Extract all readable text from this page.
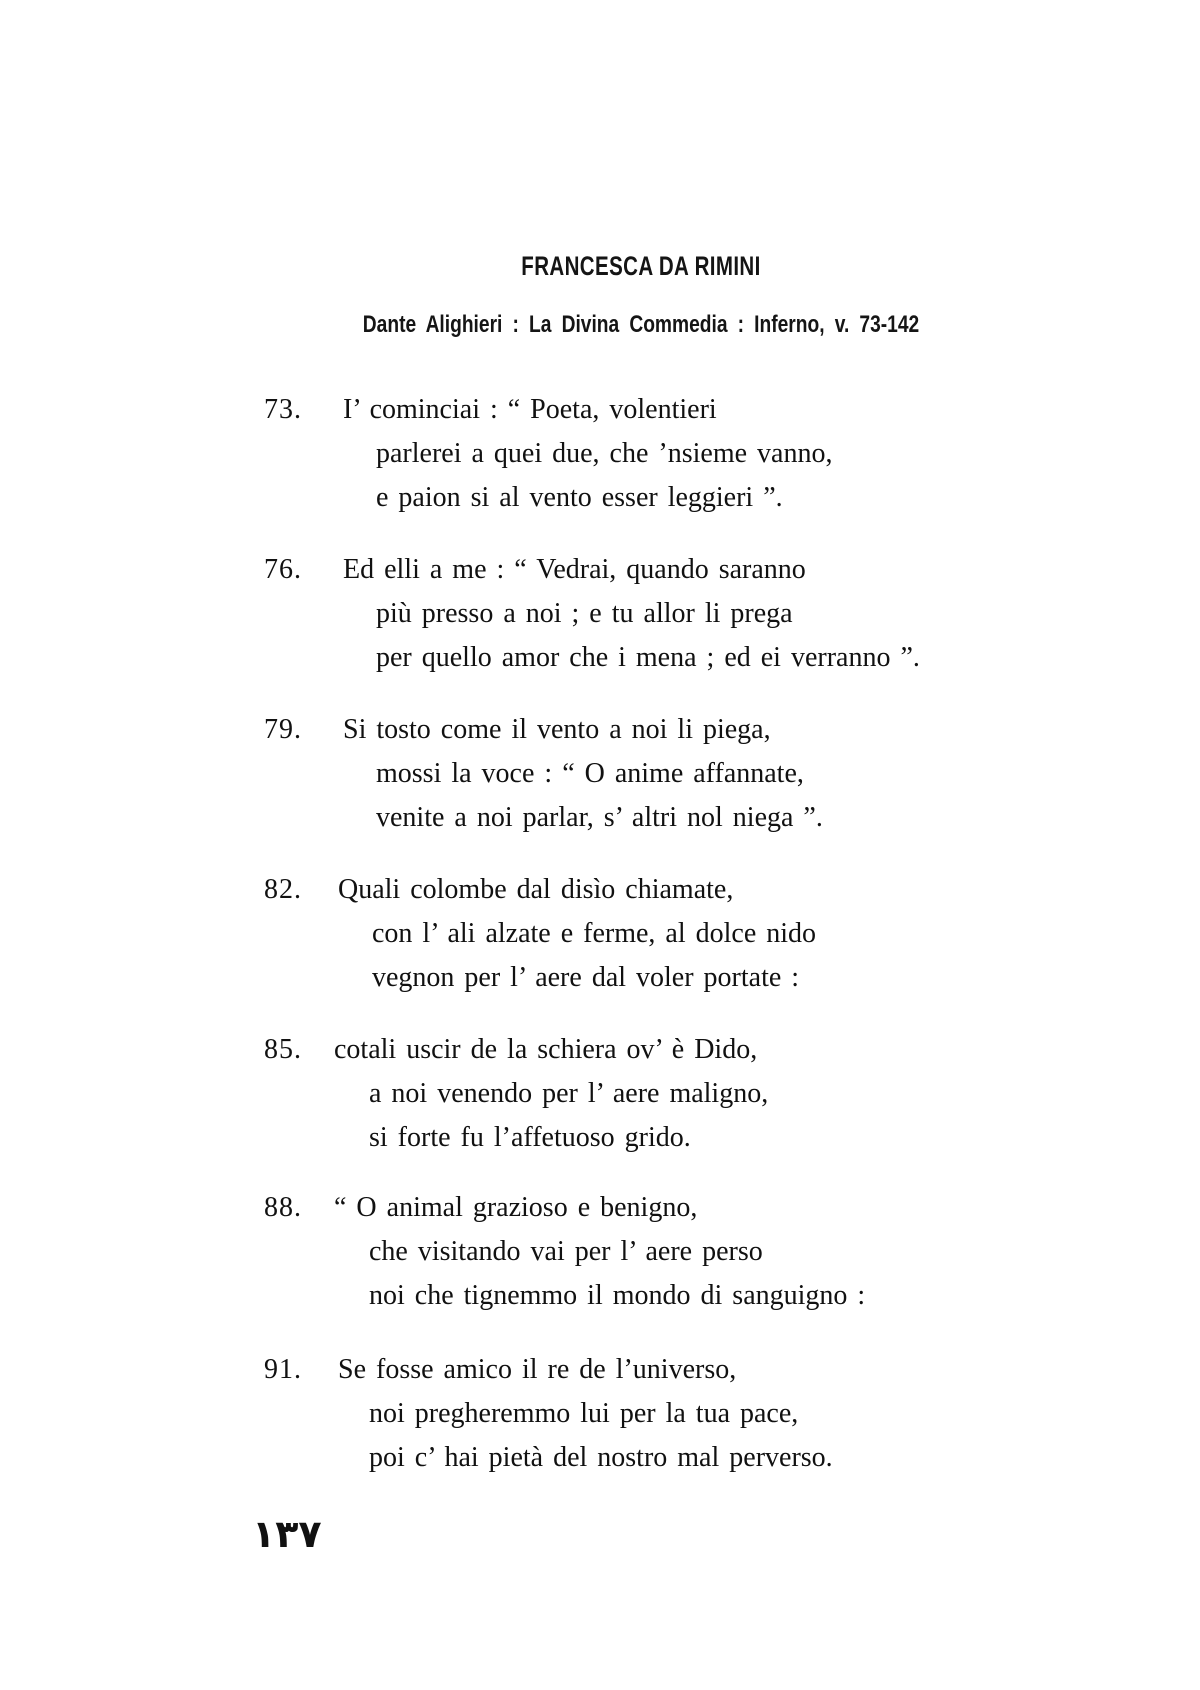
FRANCESCA DA RIMINI
Dante Alighieri : La Divina Commedia : Inferno, v. 73-142
73. I’ cominciai : “ Poeta, volentieri
parlerei a quei due, che ’nsieme vanno,
e paion si al vento esser leggieri ”.
76. Ed elli a me : “ Vedrai, quando saranno
più presso a noi ; e tu allor li prega
per quello amor che i mena ; ed ei verranno ”.
79. Si tosto come il vento a noi li piega,
mossi la voce : “ O anime affannate,
venite a noi parlar, s’ altri nol niega ”.
82. Quali colombe dal disìo chiamate,
con l’ ali alzate e ferme, al dolce nido
vegnon per l’ aere dal voler portate :
85. cotali uscir de la schiera ov’ è Dido,
a noi venendo per l’ aere maligno,
si forte fu l’affetuoso grido.
88. “ O animal grazioso e benigno,
che visitando vai per l’ aere perso
noi che tignemmo il mondo di sanguigno :
91. Se fosse amico il re de l’universo,
noi pregheremmo lui per la tua pace,
poi c’ hai pietà del nostro mal perverso.
١٣٧
